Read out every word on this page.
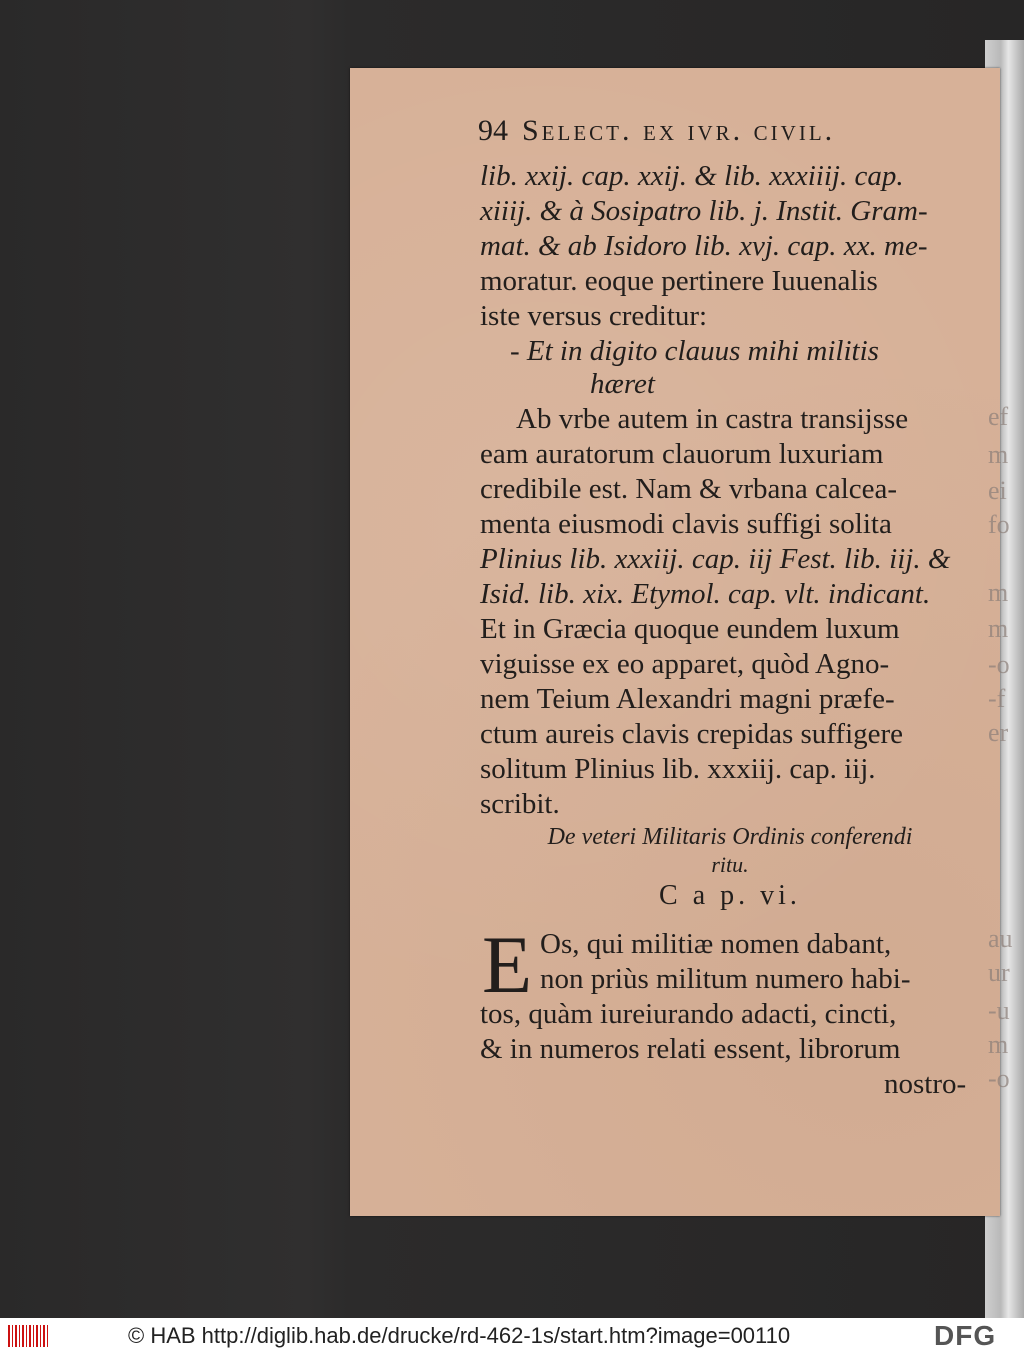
ef
m
ei
fo
m
m
-o
-f
er
au
ur
-u
m
-o
94 Select. ex ivr. civil.
lib. xxij. cap. xxij. & lib. xxxiiij. cap.
xiiij. & à Sosipatro lib. j. Instit. Gram-
mat. & ab Isidoro lib. xvj. cap. xx. me-
moratur. eoque pertinere Iuuenalis
iste versus creditur:
- Et in digito clauus mihi militis
hæret
Ab vrbe autem in castra transijsse
eam auratorum clauorum luxuriam
credibile est. Nam & vrbana calcea-
menta eiusmodi clavis suffigi solita
Plinius lib. xxxiij. cap. iij Fest. lib. iij. &
Isid. lib. xix. Etymol. cap. vlt. indicant.
Et in Græcia quoque eundem luxum
viguisse ex eo apparet, quòd Agno-
nem Teium Alexandri magni præfe-
ctum aureis clavis crepidas suffigere
solitum Plinius lib. xxxiij. cap. iij.
scribit.
De veteri Militaris Ordinis conferendi
ritu.
C a p. vi.
E Os, qui militiæ nomen dabant,
non priùs militum numero habi-
tos, quàm iureiurando adacti, cincti,
& in numeros relati essent, librorum
nostro-
© HAB http://diglib.hab.de/drucke/rd-462-1s/start.htm?image=00110	DFG
